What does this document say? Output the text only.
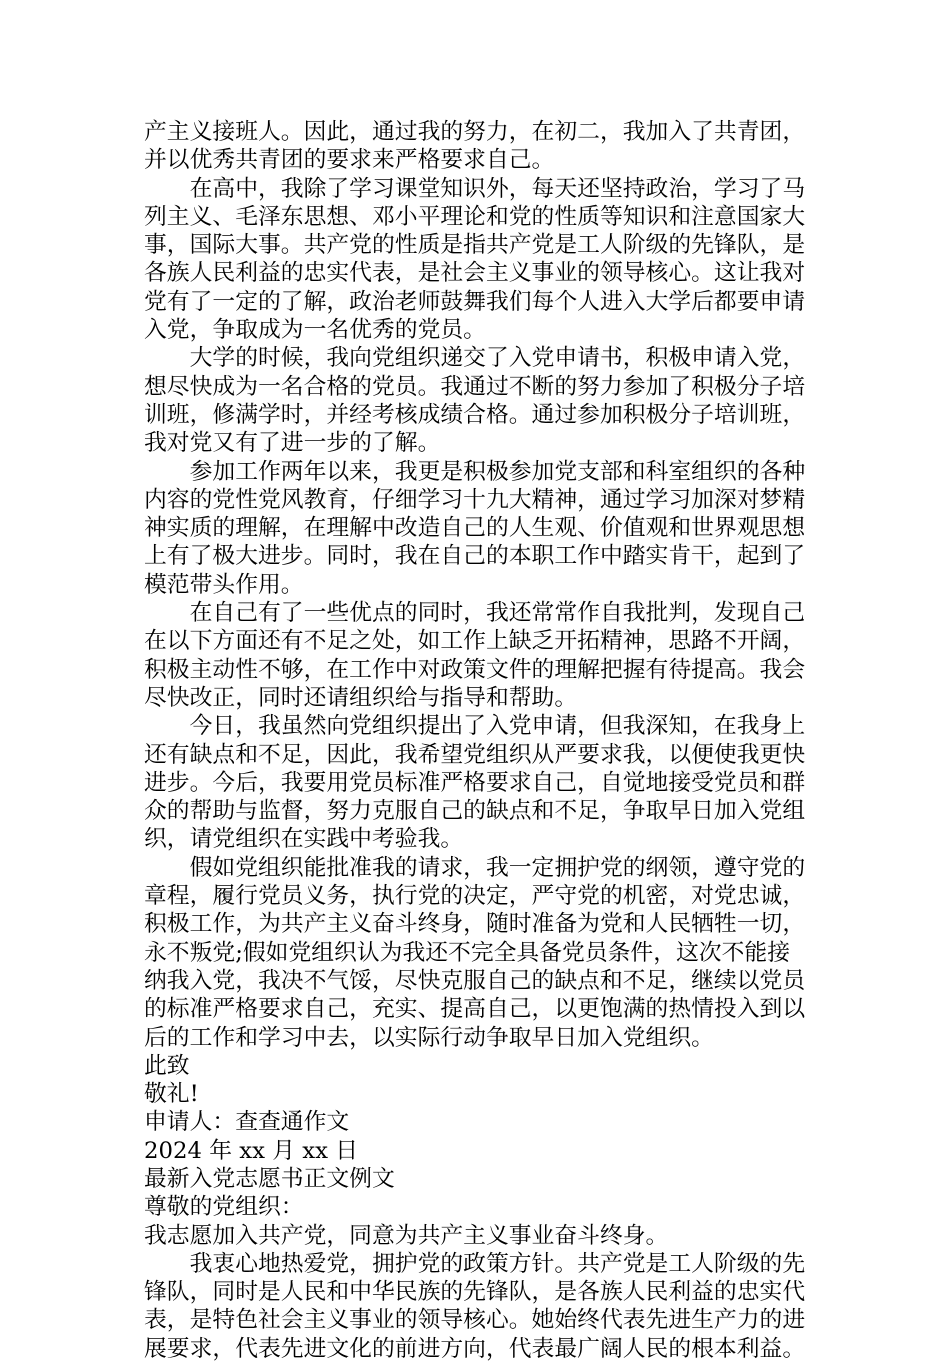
产主义接班人。因此，通过我的努力，在初二，我加入了共青团，并以优秀共青团的要求来严格要求自己。

在高中，我除了学习课堂知识外，每天还坚持政治，学习了马列主义、毛泽东思想、邓小平理论和党的性质等知识和注意国家大事，国际大事。共产党的性质是指共产党是工人阶级的先锋队，是各族人民利益的忠实代表，是社会主义事业的领导核心。这让我对党有了一定的了解，政治老师鼓舞我们每个人进入大学后都要申请入党，争取成为一名优秀的党员。

大学的时候，我向党组织递交了入党申请书，积极申请入党，想尽快成为一名合格的党员。我通过不断的努力参加了积极分子培训班，修满学时，并经考核成绩合格。通过参加积极分子培训班，我对党又有了进一步的了解。

参加工作两年以来，我更是积极参加党支部和科室组织的各种内容的党性党风教育，仔细学习十九大精神，通过学习加深对梦精神实质的理解，在理解中改造自己的人生观、价值观和世界观思想上有了极大进步。同时，我在自己的本职工作中踏实肯干，起到了模范带头作用。

在自己有了一些优点的同时，我还常常作自我批判，发现自己在以下方面还有不足之处，如工作上缺乏开拓精神，思路不开阔，积极主动性不够，在工作中对政策文件的理解把握有待提高。我会尽快改正，同时还请组织给与指导和帮助。

今日，我虽然向党组织提出了入党申请，但我深知，在我身上还有缺点和不足，因此，我希望党组织从严要求我，以便使我更快进步。今后，我要用党员标准严格要求自己，自觉地接受党员和群众的帮助与监督，努力克服自己的缺点和不足，争取早日加入党组织，请党组织在实践中考验我。

假如党组织能批准我的请求，我一定拥护党的纲领，遵守党的章程，履行党员义务，执行党的决定，严守党的机密，对党忠诚，积极工作，为共产主义奋斗终身，随时准备为党和人民牺牲一切，永不叛党;假如党组织认为我还不完全具备党员条件，这次不能接纳我入党，我决不气馁，尽快克服自己的缺点和不足，继续以党员的标准严格要求自己，充实、提高自己，以更饱满的热情投入到以后的工作和学习中去，以实际行动争取早日加入党组织。

此致

敬礼!

申请人：查查通作文

2024 年 xx 月 xx 日

最新入党志愿书正文例文

尊敬的党组织：

我志愿加入共产党，同意为共产主义事业奋斗终身。

我衷心地热爱党，拥护党的政策方针。共产党是工人阶级的先锋队，同时是人民和中华民族的先锋队，是各族人民利益的忠实代表，是特色社会主义事业的领导核心。她始终代表先进生产力的进展要求，代表先进文化的前进方向，代表最广阔人民的根本利益。
